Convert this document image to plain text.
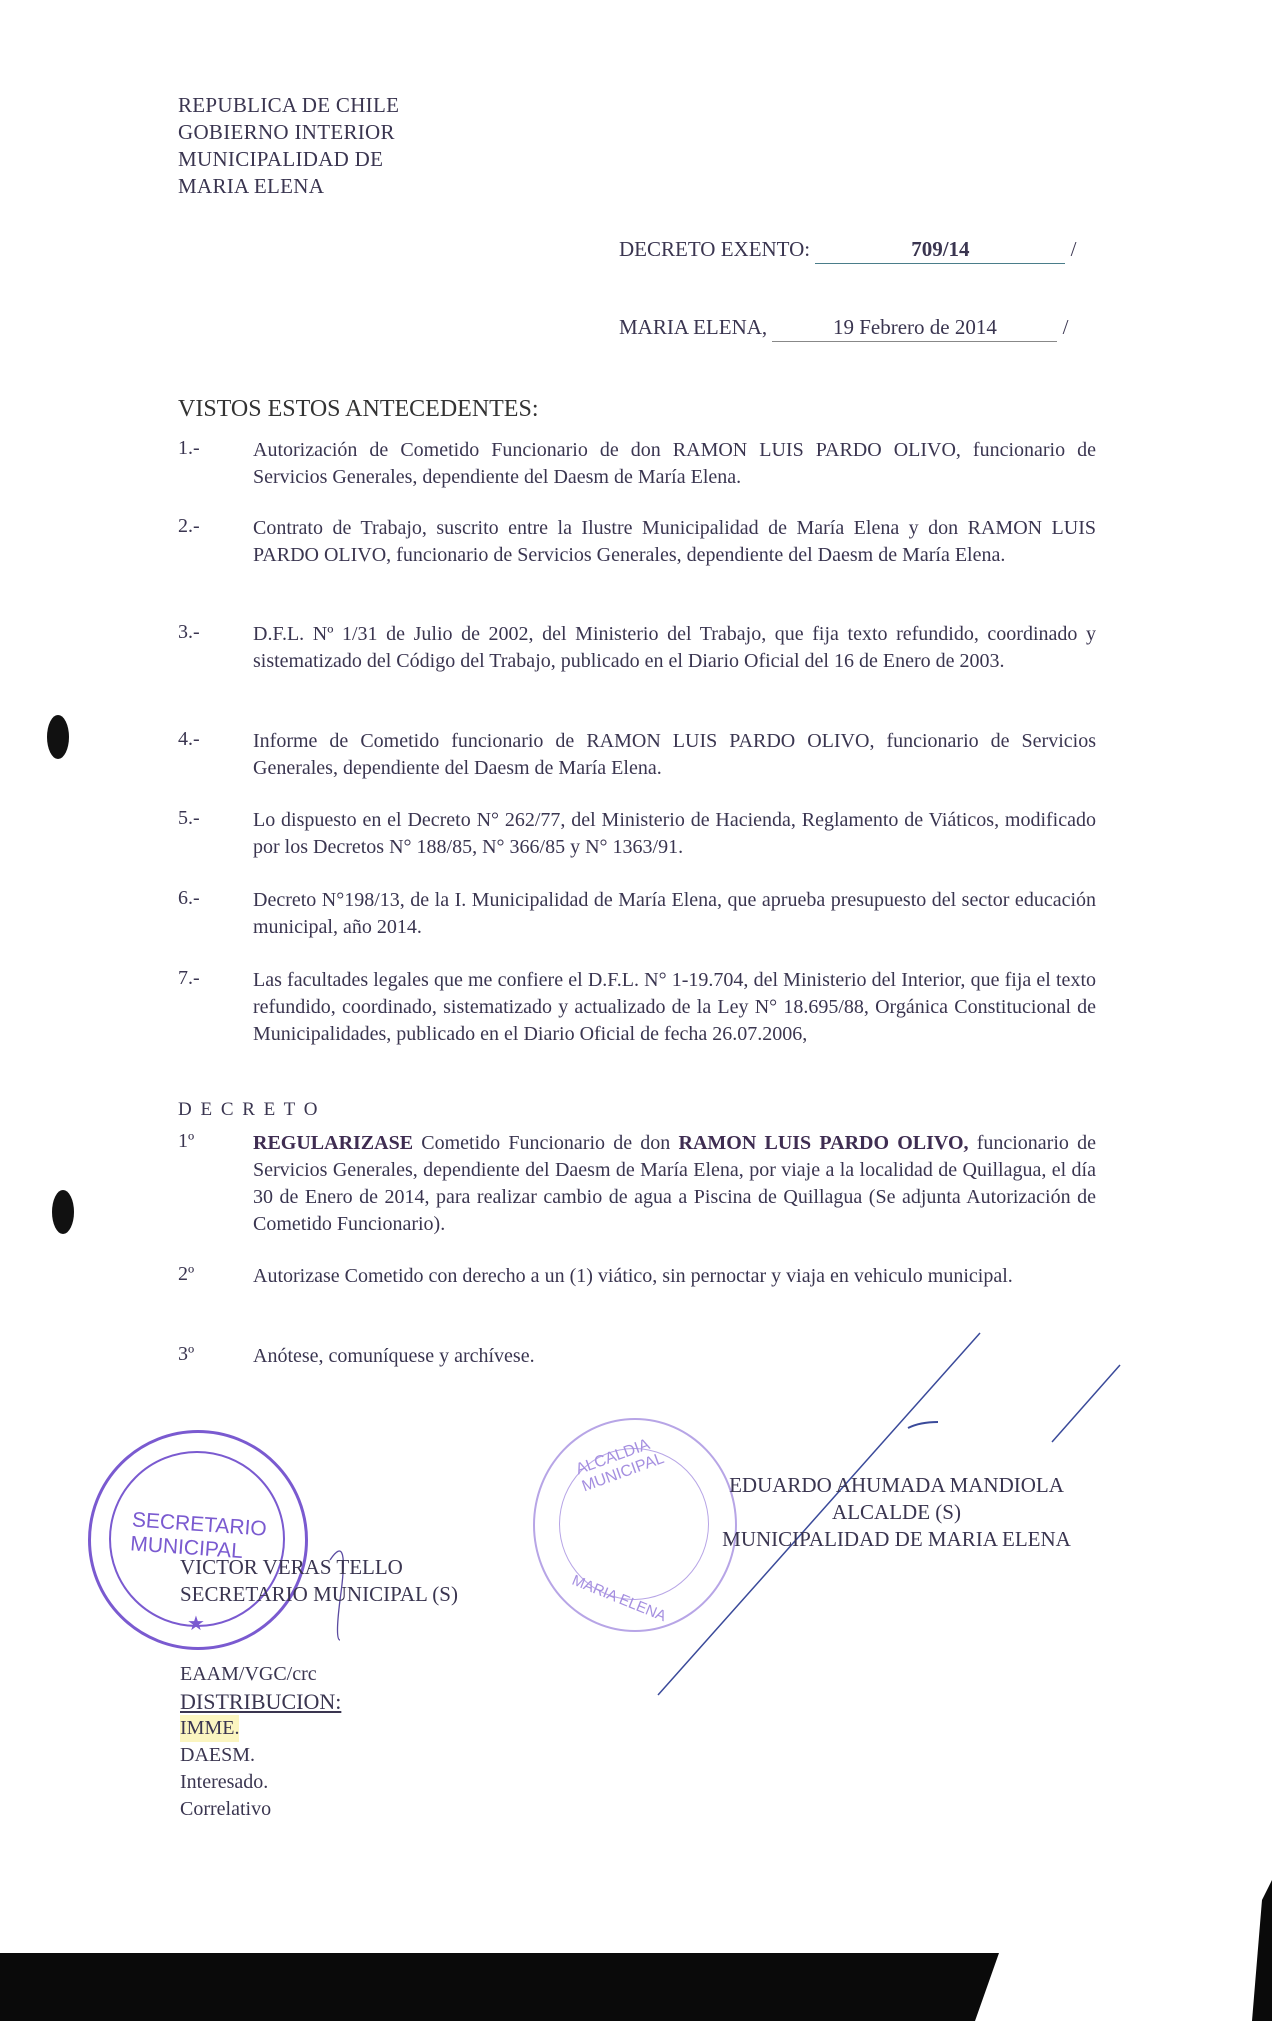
REPUBLICA DE CHILE
GOBIERNO INTERIOR
MUNICIPALIDAD DE
MARIA ELENA
DECRETO EXENTO:	709/14	/
MARIA ELENA,	19 Febrero de 2014	/
VISTOS ESTOS ANTECEDENTES:
1.-	Autorización de Cometido Funcionario de don RAMON LUIS PARDO OLIVO, funcionario de Servicios Generales, dependiente del Daesm de María Elena.
2.-	Contrato de Trabajo, suscrito entre la Ilustre Municipalidad de María Elena y don RAMON LUIS PARDO OLIVO, funcionario de Servicios Generales, dependiente del Daesm de María Elena.
3.-	D.F.L. Nº 1/31 de Julio de 2002, del Ministerio del Trabajo, que fija texto refundido, coordinado y sistematizado del Código del Trabajo, publicado en el Diario Oficial del 16 de Enero de 2003.
4.-	Informe de Cometido funcionario de RAMON LUIS PARDO OLIVO, funcionario de Servicios Generales, dependiente del Daesm de María Elena.
5.-	Lo dispuesto en el Decreto N° 262/77, del Ministerio de Hacienda, Reglamento de Viáticos, modificado por los Decretos N° 188/85, N° 366/85 y N° 1363/91.
6.-	Decreto N°198/13, de la I. Municipalidad de María Elena, que aprueba presupuesto del sector educación municipal, año 2014.
7.-	Las facultades legales que me confiere el D.F.L. N° 1-19.704, del Ministerio del Interior, que fija el texto refundido, coordinado, sistematizado y actualizado de la Ley N° 18.695/88, Orgánica Constitucional de Municipalidades, publicado en el Diario Oficial de fecha 26.07.2006,
D E C R E T O
1º	REGULARIZASE Cometido Funcionario de don RAMON LUIS PARDO OLIVO, funcionario de Servicios Generales, dependiente del Daesm de María Elena, por viaje a la localidad de Quillagua, el día 30 de Enero de 2014, para realizar cambio de agua a Piscina de Quillagua (Se adjunta Autorización de Cometido Funcionario).
2º	Autorizase Cometido con derecho a un (1) viático, sin pernoctar y viaja en vehiculo municipal.
3º	Anótese, comuníquese y archívese.
SECRETARIO
MUNICIPAL
★
ALCALDIA MUNICIPAL
MARIA ELENA
VICTOR VERAS TELLO
SECRETARIO MUNICIPAL (S)
EDUARDO AHUMADA MANDIOLA
ALCALDE (S)
MUNICIPALIDAD DE MARIA ELENA
EAAM/VGC/crc
DISTRIBUCION:
IMME.
DAESM.
Interesado.
Correlativo
